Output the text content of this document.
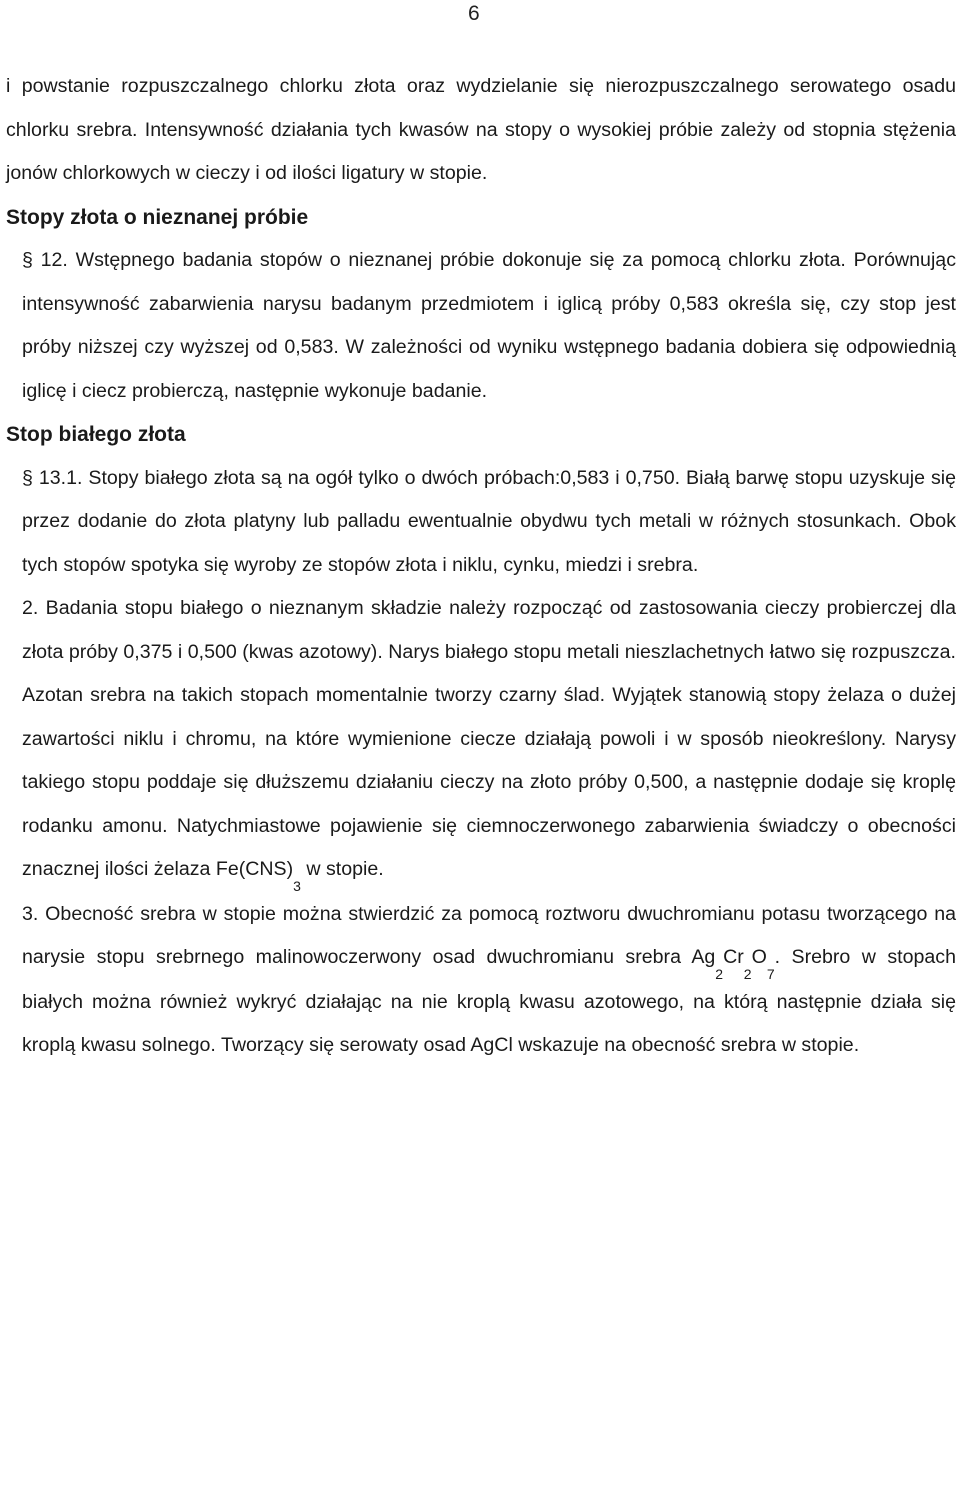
6

i powstanie rozpuszczalnego chlorku złota oraz wydzielanie się nierozpuszczalnego serowatego osadu chlorku srebra. Intensywność działania tych kwasów na stopy o wysokiej próbie zależy od stopnia stężenia jonów chlorkowych w cieczy i od ilości ligatury w stopie.

Stopy złota o nieznanej próbie

§ 12. Wstępnego badania stopów o nieznanej próbie dokonuje się za pomocą chlorku złota. Porównując intensywność zabarwienia narysu badanym przedmiotem i iglicą próby 0,583 określa się, czy stop jest próby niższej czy wyższej od 0,583. W zależności od wyniku wstępnego badania dobiera się odpowiednią iglicę i ciecz probierczą, następnie wykonuje badanie.

Stop białego złota

§ 13.1. Stopy białego złota są na ogół tylko o dwóch próbach:0,583 i 0,750. Białą barwę stopu uzyskuje się przez dodanie do złota platyny lub palladu ewentualnie obydwu tych metali w różnych stosunkach. Obok tych stopów spotyka się wyroby ze stopów złota i niklu, cynku, miedzi i srebra.

2. Badania stopu białego o nieznanym składzie należy rozpocząć od zastosowania cieczy probierczej dla złota próby 0,375 i 0,500 (kwas azotowy). Narys białego stopu metali nieszlachetnych łatwo się rozpuszcza. Azotan srebra na takich stopach momentalnie tworzy czarny ślad. Wyjątek stanowią stopy żelaza o dużej zawartości niklu i chromu, na które wymienione ciecze działają powoli i w sposób nieokreślony. Narysy takiego stopu poddaje się dłuższemu działaniu cieczy na złoto próby 0,500, a następnie dodaje się kroplę rodanku amonu. Natychmiastowe pojawienie się ciemnoczerwonego zabarwienia świadczy o obecności znacznej ilości żelaza $Fe(CNS)_3$ w stopie.

3. Obecność srebra w stopie można stwierdzić za pomocą roztworu dwuchromianu potasu tworzącego na narysie stopu srebrnego malinowoczerwony osad dwuchromianu srebra $Ag_2Cr_2O_7$. Srebro w stopach białych można również wykryć działając na nie kroplą kwasu azotowego, na którą następnie działa się kroplą kwasu solnego. Tworzący się serowaty osad AgCl wskazuje na obecność srebra w stopie.
